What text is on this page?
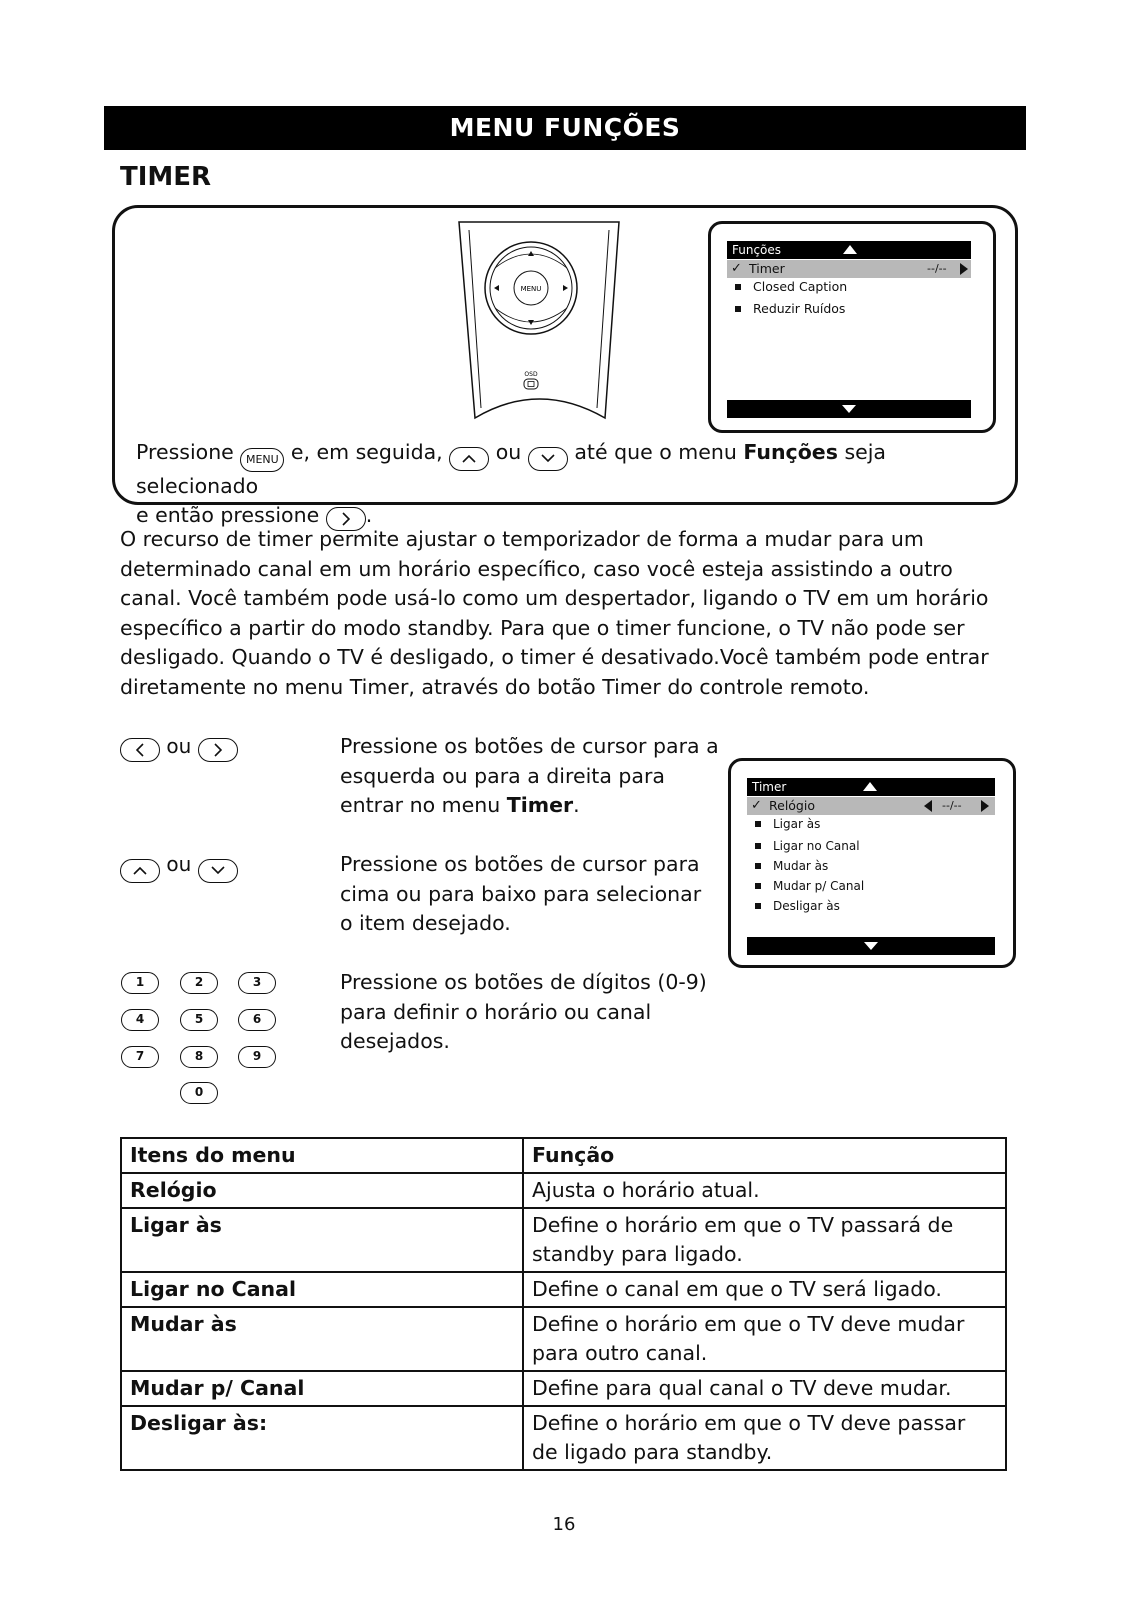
MENU FUNÇÕES
TIMER
MENU
OSD
Funções
✓ Timer	--/--
Closed Caption
Reduzir Ruídos
Pressione MENU e, em seguida,	ou	até que o menu Funções seja selecionado
e então pressione .
O recurso de timer permite ajustar o temporizador de forma a mudar para um determinado canal em um horário específico, caso você esteja assistindo a outro canal. Você também pode usá-lo como um despertador, ligando o TV em um horário específico a partir do modo standby. Para que o timer funcione, o TV não pode ser desligado. Quando o TV é desligado, o timer é desativado.Você também pode entrar diretamente no menu Timer, através do botão Timer do controle remoto.
ou	Pressione os botões de cursor para a esquerda ou para a direita para entrar no menu Timer.
ou	Pressione os botões de cursor para cima ou para baixo para selecionar o item desejado.
1	2	3
4	5	6
7	8	9
0
Pressione os botões de dígitos (0-9) para definir o horário ou canal desejados.
Timer
✓ Relógio	--/--
Ligar às
Ligar no Canal
Mudar às
Mudar p/ Canal
Desligar às
Itens do menu	Função
Relógio	Ajusta o horário atual.
Ligar às	Define o horário em que o TV passará de standby para ligado.
Ligar no Canal	Define o canal em que o TV será ligado.
Mudar às	Define o horário em que o TV deve mudar para outro canal.
Mudar p/ Canal	Define para qual canal o TV deve mudar.
Desligar às:	Define o horário em que o TV deve passar de ligado para standby.
16
